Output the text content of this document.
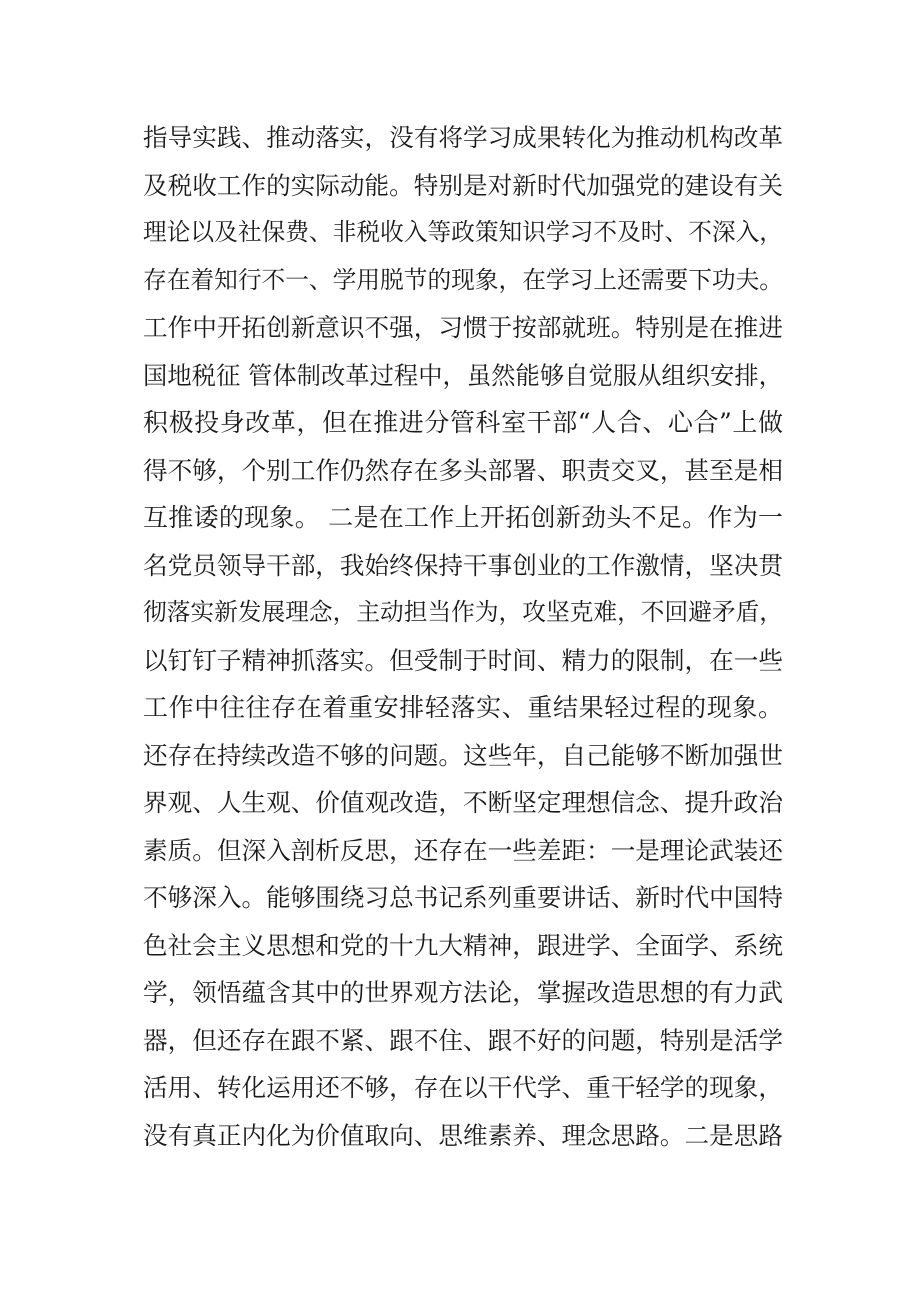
指导实践、推动落实，没有将学习成果转化为推动机构改革
及税收工作的实际动能。特别是对新时代加强党的建设有关
理论以及社保费、非税收入等政策知识学习不及时、不深入，
存在着知行不一、学用脱节的现象，在学习上还需要下功夫。
工作中开拓创新意识不强，习惯于按部就班。特别是在推进
国地税征 管体制改革过程中，虽然能够自觉服从组织安排，
积极投身改革，但在推进分管科室干部“人合、心合”上做
得不够，个别工作仍然存在多头部署、职责交叉，甚至是相
互推诿的现象。 二是在工作上开拓创新劲头不足。作为一
名党员领导干部，我始终保持干事创业的工作激情，坚决贯
彻落实新发展理念，主动担当作为，攻坚克难，不回避矛盾，
以钉钉子精神抓落实。但受制于时间、精力的限制，在一些
工作中往往存在着重安排轻落实、重结果轻过程的现象。
还存在持续改造不够的问题。这些年，自己能够不断加强世
界观、人生观、价值观改造，不断坚定理想信念、提升政治
素质。但深入剖析反思，还存在一些差距：一是理论武装还
不够深入。能够围绕习总书记系列重要讲话、新时代中国特
色社会主义思想和党的十九大精神，跟进学、全面学、系统
学，领悟蕴含其中的世界观方法论，掌握改造思想的有力武
器，但还存在跟不紧、跟不住、跟不好的问题，特别是活学
活用、转化运用还不够，存在以干代学、重干轻学的现象，
没有真正内化为价值取向、思维素养、理念思路。二是思路
